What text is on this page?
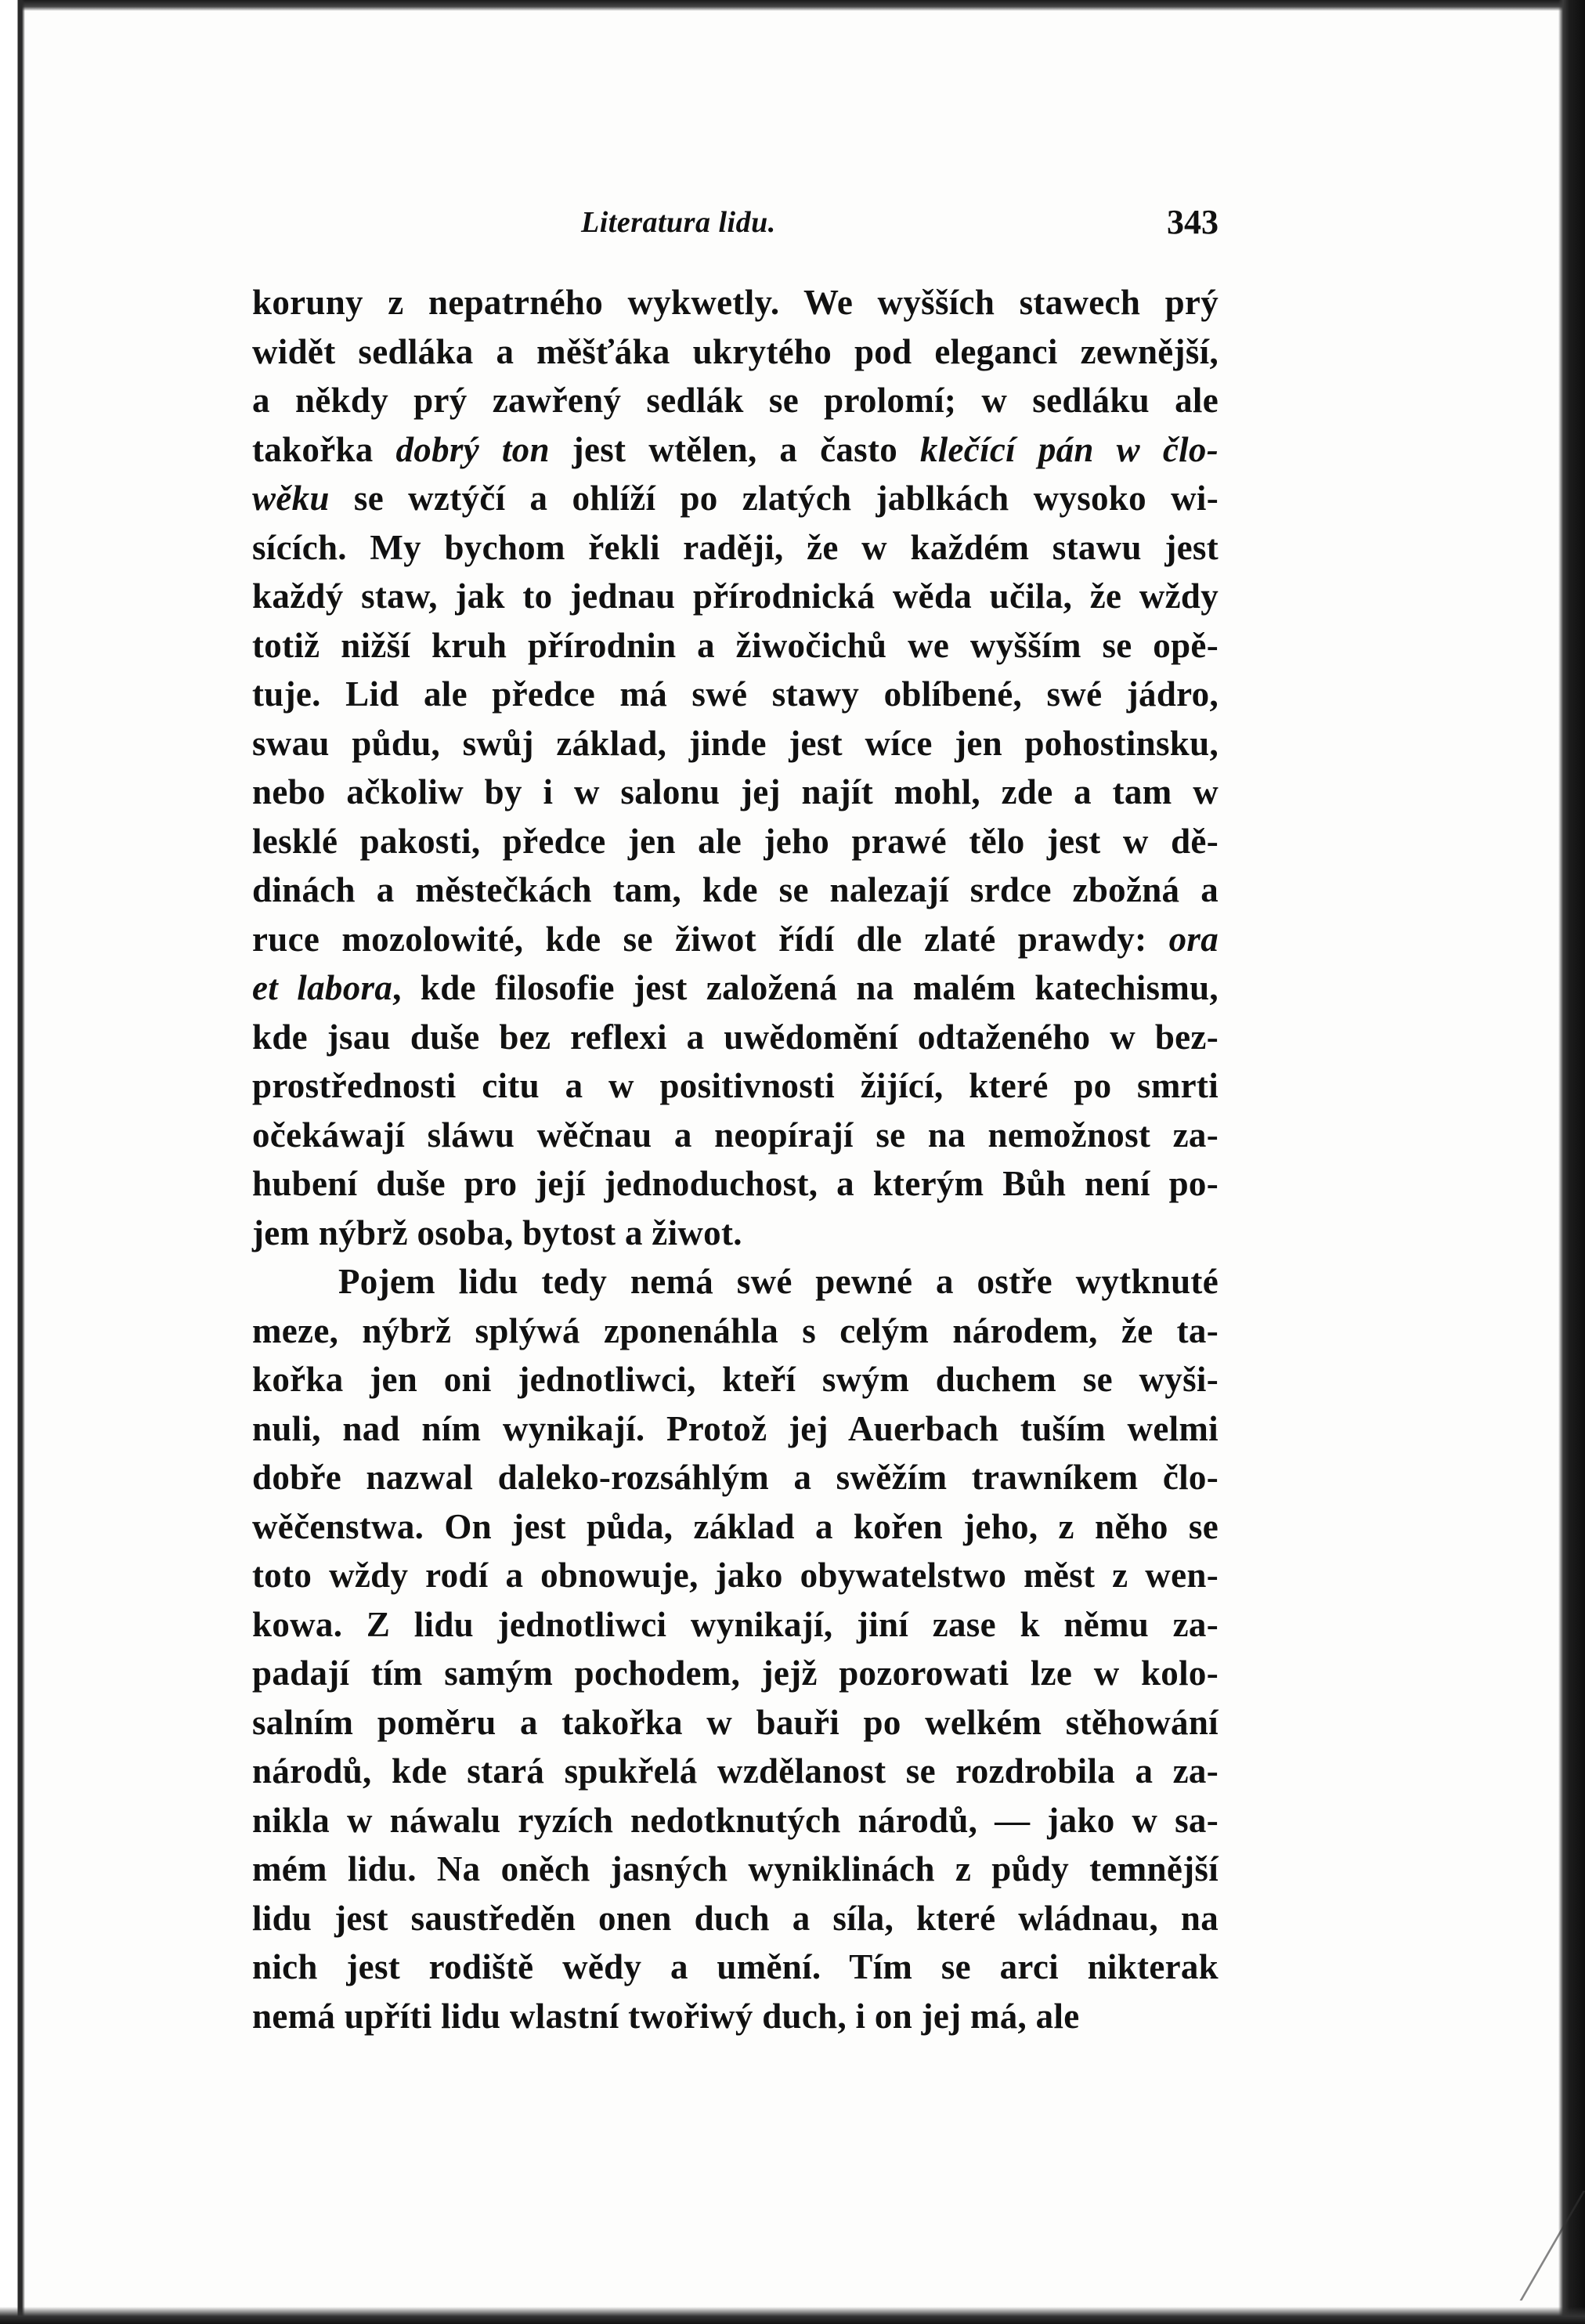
Literatura lidu.	343
koruny z nepatrného wykwetly. We wyšších stawech prý
widět sedláka a měšťáka ukrytého pod eleganci zewnější,
a někdy prý zawřený sedlák se prolomí; w sedláku ale
takořka dobrý ton jest wtělen, a často klečící pán w člo-
wěku se wztýčí a ohlíží po zlatých jablkách wysoko wi-
sících. My bychom řekli raději, že w každém stawu jest
každý staw, jak to jednau přírodnická wěda učila, že wždy
totiž nižší kruh přírodnin a žiwočichů we wyšším se opě-
tuje. Lid ale předce má swé stawy oblíbené, swé jádro,
swau půdu, swůj základ, jinde jest wíce jen pohostinsku,
nebo ačkoliw by i w salonu jej najít mohl, zde a tam w
lesklé pakosti, předce jen ale jeho prawé tělo jest w dě-
dinách a městečkách tam, kde se nalezají srdce zbožná a
ruce mozolowité, kde se žiwot řídí dle zlaté prawdy: ora
et labora, kde filosofie jest založená na malém katechismu,
kde jsau duše bez reflexi a uwědomění odtaženého w bez-
prostřednosti citu a w positivnosti žijící, které po smrti
očekáwají sláwu wěčnau a neopírají se na nemožnost za-
hubení duše pro její jednoduchost, a kterým Bůh není po-
jem nýbrž osoba, bytost a žiwot.
Pojem lidu tedy nemá swé pewné a ostře wytknuté
meze, nýbrž splýwá zponenáhla s celým národem, že ta-
kořka jen oni jednotliwci, kteří swým duchem se wyši-
nuli, nad ním wynikají. Protož jej Auerbach tuším welmi
dobře nazwal daleko-rozsáhlým a swěžím trawníkem člo-
wěčenstwa. On jest půda, základ a kořen jeho, z něho se
toto wždy rodí a obnowuje, jako obywatelstwo měst z wen-
kowa. Z lidu jednotliwci wynikají, jiní zase k němu za-
padají tím samým pochodem, jejž pozorowati lze w kolo-
salním poměru a takořka w bauři po welkém stěhowání
národů, kde stará spukřelá wzdělanost se rozdrobila a za-
nikla w náwalu ryzích nedotknutých národů, — jako w sa-
mém lidu. Na oněch jasných wyniklinách z půdy temnější
lidu jest saustředěn onen duch a síla, které wládnau, na
nich jest rodiště wědy a umění. Tím se arci nikterak
nemá upříti lidu wlastní twořiwý duch, i on jej má, ale
